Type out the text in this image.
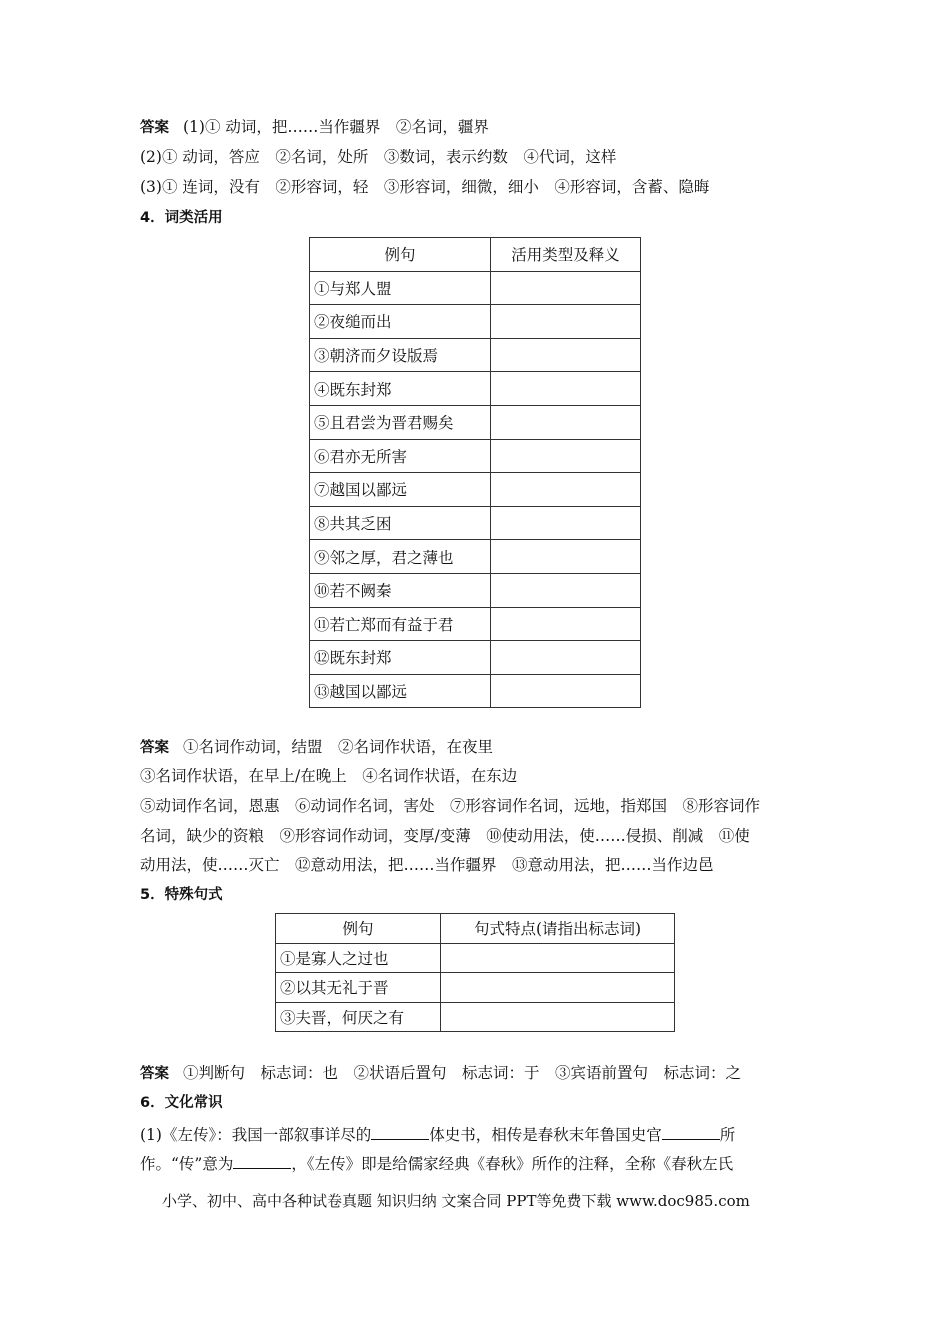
答案 (1)① 动词，把……当作疆界　②名词，疆界
(2)① 动词，答应　②名词，处所　③数词，表示约数　④代词，这样
(3)① 连词，没有　②形容词，轻　③形容词，细微，细小　④形容词，含蓄、隐晦
4．词类活用
例句	活用类型及释义
①与郑人盟	
②夜缒而出	
③朝济而夕设版焉	
④既东封郑	
⑤且君尝为晋君赐矣	
⑥君亦无所害	
⑦越国以鄙远	
⑧共其乏困	
⑨邻之厚，君之薄也	
⑩若不阙秦	
⑪若亡郑而有益于君	
⑫既东封郑	
⑬越国以鄙远	
答案 ①名词作动词，结盟　②名词作状语，在夜里
③名词作状语，在早上/在晚上　④名词作状语，在东边
⑤动词作名词，恩惠　⑥动词作名词，害处　⑦形容词作名词，远地，指郑国　⑧形容词作
名词，缺少的资粮　⑨形容词作动词，变厚/变薄　⑩使动用法，使……侵损、削减　⑪使
动用法，使……灭亡　⑫意动用法，把……当作疆界　⑬意动用法，把……当作边邑
5．特殊句式
例句	句式特点(请指出标志词)
①是寡人之过也	
②以其无礼于晋	
③夫晋，何厌之有	
答案 ①判断句　标志词：也　②状语后置句　标志词：于　③宾语前置句　标志词：之
6．文化常识
(1)《左传》：我国一部叙事详尽的	体史书，相传是春秋末年鲁国史官	所
作。“传”意为	，《左传》即是给儒家经典《春秋》所作的注释，全称《春秋左氏
小学、初中、高中各种试卷真题 知识归纳 文案合同 PPT等免费下载 www.doc985.com
